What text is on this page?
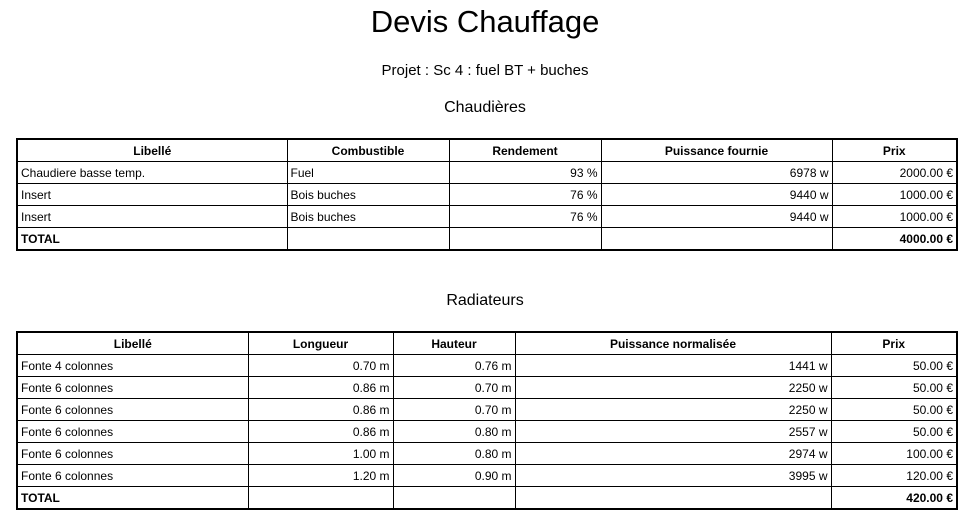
Devis Chauffage
Projet : Sc 4 : fuel BT + buches
Chaudières
Libellé	Combustible	Rendement	Puissance fournie	Prix
Chaudiere basse temp.	Fuel	93 %	6978 w	2000.00 €
Insert	Bois buches	76 %	9440 w	1000.00 €
Insert	Bois buches	76 %	9440 w	1000.00 €
TOTAL				4000.00 €
Radiateurs
Libellé	Longueur	Hauteur	Puissance normalisée	Prix
Fonte 4 colonnes	0.70 m	0.76 m	1441 w	50.00 €
Fonte 6 colonnes	0.86 m	0.70 m	2250 w	50.00 €
Fonte 6 colonnes	0.86 m	0.70 m	2250 w	50.00 €
Fonte 6 colonnes	0.86 m	0.80 m	2557 w	50.00 €
Fonte 6 colonnes	1.00 m	0.80 m	2974 w	100.00 €
Fonte 6 colonnes	1.20 m	0.90 m	3995 w	120.00 €
TOTAL				420.00 €
